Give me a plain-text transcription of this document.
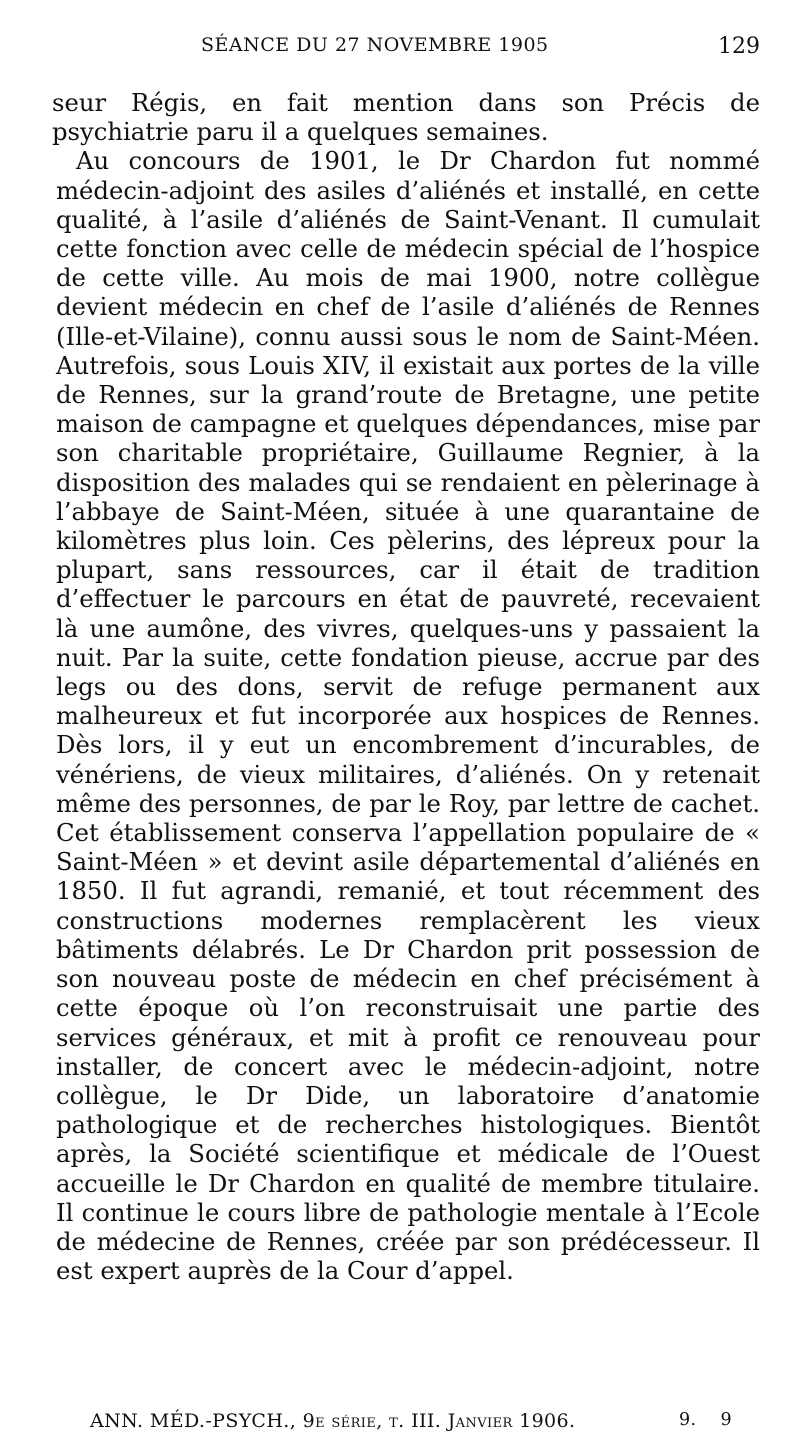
SÉANCE DU 27 NOVEMBRE 1905	129

seur Régis, en fait mention dans son Précis de psychiatrie paru il a quelques semaines.

Au concours de 1901, le Dr Chardon fut nommé médecin-adjoint des asiles d’aliénés et installé, en cette qualité, à l’asile d’aliénés de Saint-Venant. Il cumulait cette fonction avec celle de médecin spécial de l’hospice de cette ville. Au mois de mai 1900, notre collègue devient médecin en chef de l’asile d’aliénés de Rennes (Ille-et-Vilaine), connu aussi sous le nom de Saint-Méen. Autrefois, sous Louis XIV, il existait aux portes de la ville de Rennes, sur la grand’route de Bretagne, une petite maison de campagne et quelques dépendances, mise par son charitable propriétaire, Guillaume Regnier, à la disposition des malades qui se rendaient en pèlerinage à l’abbaye de Saint-Méen, située à une quarantaine de kilomètres plus loin. Ces pèlerins, des lépreux pour la plupart, sans ressources, car il était de tradition d’effectuer le parcours en état de pauvreté, recevaient là une aumône, des vivres, quelques-uns y passaient la nuit. Par la suite, cette fondation pieuse, accrue par des legs ou des dons, servit de refuge permanent aux malheureux et fut incorporée aux hospices de Rennes. Dès lors, il y eut un encombrement d’incurables, de vénériens, de vieux militaires, d’aliénés. On y retenait même des personnes, de par le Roy, par lettre de cachet. Cet établissement conserva l’appellation populaire de « Saint-Méen » et devint asile départemental d’aliénés en 1850. Il fut agrandi, remanié, et tout récemment des constructions modernes remplacèrent les vieux bâtiments délabrés. Le Dr Chardon prit possession de son nouveau poste de médecin en chef précisément à cette époque où l’on reconstruisait une partie des services généraux, et mit à profit ce renouveau pour installer, de concert avec le médecin-adjoint, notre collègue, le Dr Dide, un laboratoire d’anatomie pathologique et de recherches histologiques. Bientôt après, la Société scientifique et médicale de l’Ouest accueille le Dr Chardon en qualité de membre titulaire. Il continue le cours libre de pathologie mentale à l’Ecole de médecine de Rennes, créée par son prédécesseur. Il est expert auprès de la Cour d’appel.

ANN. MÉD.-PSYCH., 9e série, t. III. Janvier 1906.	9. 9
